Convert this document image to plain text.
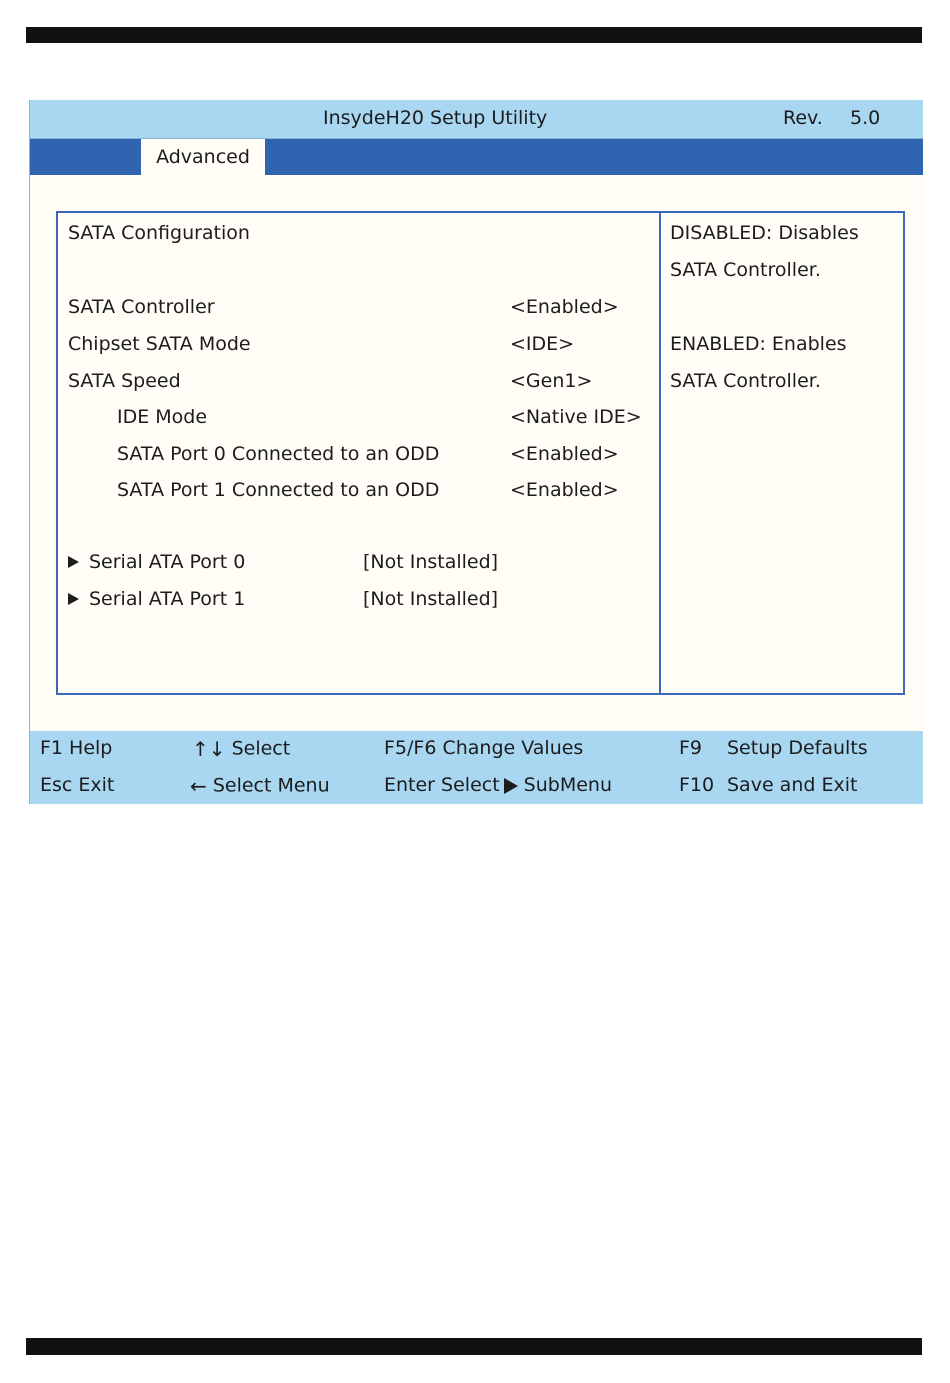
InsydeH20 Setup Utility	Rev. 5.0
Advanced
SATA Configuration
SATA Controller	<Enabled>
Chipset SATA Mode	<IDE>
SATA Speed	<Gen1>
IDE Mode	<Native IDE>
SATA Port 0 Connected to an ODD	<Enabled>
SATA Port 1 Connected to an ODD	<Enabled>
Serial ATA Port 0	[Not Installed]
Serial ATA Port 1	[Not Installed]
DISABLED: Disables
SATA Controller.
ENABLED: Enables
SATA Controller.
F1 Help	↑↓ Select	F5/F6 Change Values	F9 Setup Defaults
Esc Exit	← Select Menu	Enter Select SubMenu	F10 Save and Exit
